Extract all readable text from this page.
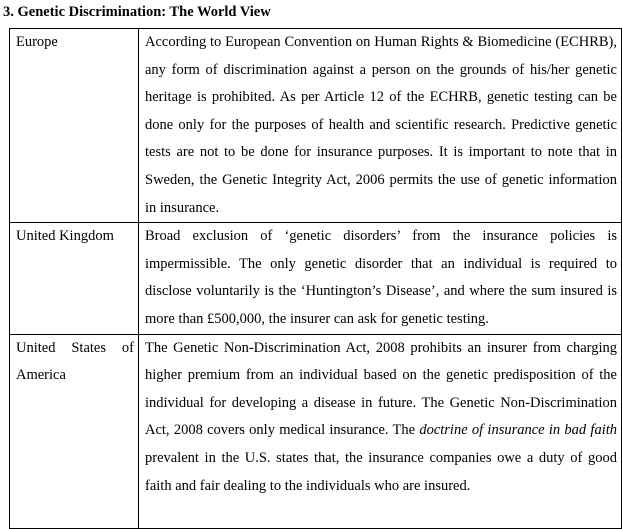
3. Genetic Discrimination: The World View
Europe	According to European Convention on Human Rights & Biomedicine (ECHRB), any form of discrimination against a person on the grounds of his/her genetic heritage is prohibited. As per Article 12 of the ECHRB, genetic testing can be done only for the purposes of health and scientific research. Predictive genetic tests are not to be done for insurance purposes. It is important to note that in Sweden, the Genetic Integrity Act, 2006 permits the use of genetic information in insurance.
United Kingdom	Broad exclusion of ‘genetic disorders’ from the insurance policies is impermissible. The only genetic disorder that an individual is required to disclose voluntarily is the ‘Huntington’s Disease’, and where the sum insured is more than £500,000, the insurer can ask for genetic testing.
United States of America	The Genetic Non-Discrimination Act, 2008 prohibits an insurer from charging higher premium from an individual based on the genetic predisposition of the individual for developing a disease in future. The Genetic Non-Discrimination Act, 2008 covers only medical insurance. The doctrine of insurance in bad faith prevalent in the U.S. states that, the insurance companies owe a duty of good faith and fair dealing to the individuals who are insured.
